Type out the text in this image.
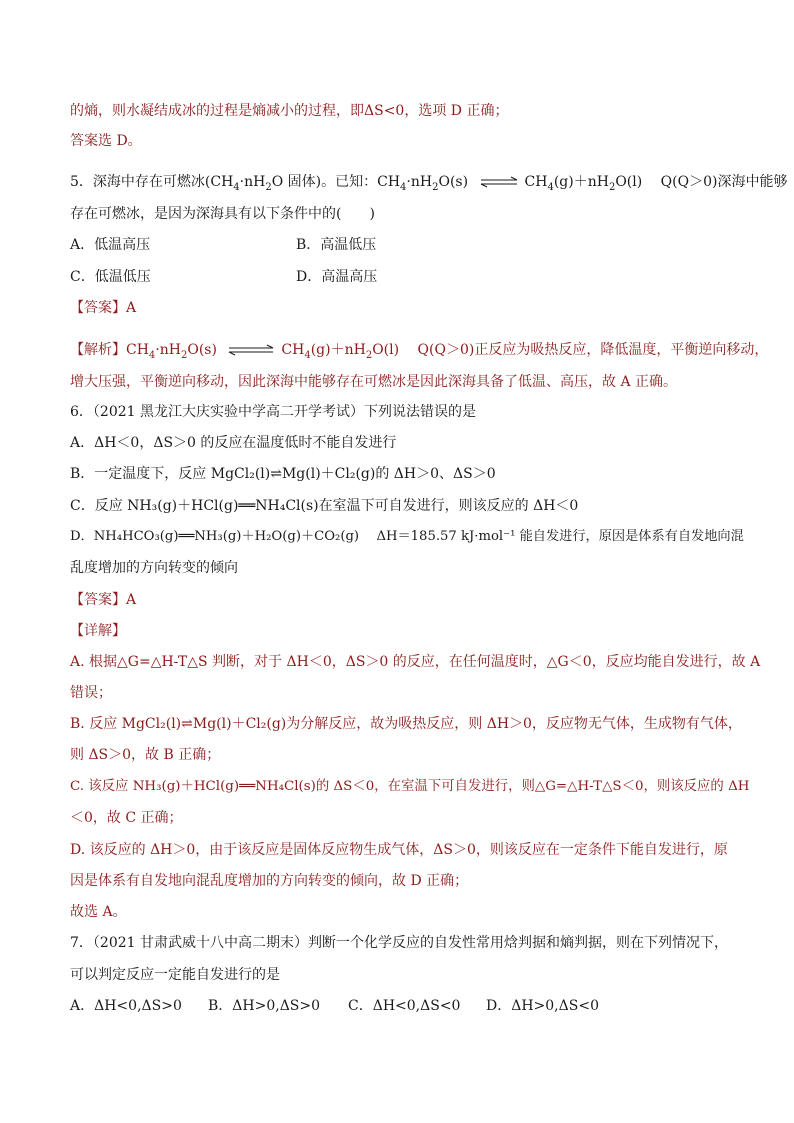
的熵，则水凝结成冰的过程是熵减小的过程，即ΔS<0，选项 D 正确；
答案选 D。
5．深海中存在可燃冰($CH_4\cdot nH_2O$ 固体)。已知：$CH_4\cdot nH_2O(s)$ ⇌ $CH_4(g)+nH_2O(l)$　 Q(Q＞0)深海中能够
存在可燃冰，是因为深海具有以下条件中的(　　)
A．低温高压	B．高温低压
C．低温低压	D．高温高压
【答案】A
【解析】$CH_4\cdot nH_2O(s)$ ⇌ $CH_4(g)+nH_2O(l)$　 Q(Q＞0)正反应为吸热反应，降低温度，平衡逆向移动，
增大压强，平衡逆向移动，因此深海中能够存在可燃冰是因此深海具备了低温、高压，故 A 正确。
6．（2021 黑龙江大庆实验中学高二开学考试）下列说法错误的是
A．ΔH＜0，ΔS＞0 的反应在温度低时不能自发进行
B．一定温度下，反应 MgCl₂(l)⇌Mg(l)＋Cl₂(g)的 ΔH＞0、ΔS＞0
C．反应 NH₃(g)＋HCl(g)══NH₄Cl(s)在室温下可自发进行，则该反应的 ΔH＜0
D．NH₄HCO₃(g)══NH₃(g)＋H₂O(g)＋CO₂(g)　 ΔH＝185.57 kJ·mol⁻¹ 能自发进行，原因是体系有自发地向混
乱度增加的方向转变的倾向
【答案】A
【详解】
A. 根据△G=△H-T△S 判断，对于 ΔH＜0，ΔS＞0 的反应，在任何温度时，△G＜0，反应均能自发进行，故 A
错误；
B. 反应 MgCl₂(l)⇌Mg(l)＋Cl₂(g)为分解反应，故为吸热反应，则 ΔH＞0，反应物无气体，生成物有气体，
则 ΔS＞0，故 B 正确；
C. 该反应 NH₃(g)＋HCl(g)══NH₄Cl(s)的 ΔS＜0，在室温下可自发进行，则△G=△H-T△S＜0，则该反应的 ΔH
＜0，故 C 正确；
D. 该反应的 ΔH＞0，由于该反应是固体反应物生成气体，ΔS＞0，则该反应在一定条件下能自发进行，原
因是体系有自发地向混乱度增加的方向转变的倾向，故 D 正确；
故选 A。
7．（2021 甘肃武威十八中高二期末）判断一个化学反应的自发性常用焓判据和熵判据，则在下列情况下，
可以判定反应一定能自发进行的是
A．ΔH<0,ΔS>0 B．ΔH>0,ΔS>0 C．ΔH<0,ΔS<0 D．ΔH>0,ΔS<0
